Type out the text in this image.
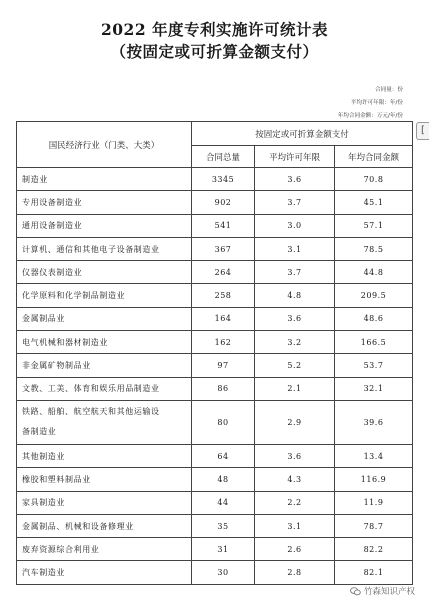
2022 年度专利实施许可统计表
（按固定或可折算金额支付）
合同量：份
平均许可年限：年/份
年均合同金额：万元/年/份
[
国民经济行业（门类、大类）	按固定或可折算金额支付		
	合同总量	平均许可年限	年均合同金额
制造业	3345	3.6	70.8
专用设备制造业	902	3.7	45.1
通用设备制造业	541	3.0	57.1
计算机、通信和其他电子设备制造业	367	3.1	78.5
仪器仪表制造业	264	3.7	44.8
化学原料和化学制品制造业	258	4.8	209.5
金属制品业	164	3.6	48.6
电气机械和器材制造业	162	3.2	166.5
非金属矿物制品业	97	5.2	53.7
文教、工美、体育和娱乐用品制造业	86	2.1	32.1

铁路、船舶、航空航天和其他运输设
备制造业	80	2.9	39.6
其他制造业	64	3.6	13.4
橡胶和塑料制品业	48	4.3	116.9
家具制造业	44	2.2	11.9
金属制品、机械和设备修理业	35	3.1	78.7
废弃资源综合利用业	31	2.6	82.2
汽车制造业	30	2.8	82.1
竹森知识产权
